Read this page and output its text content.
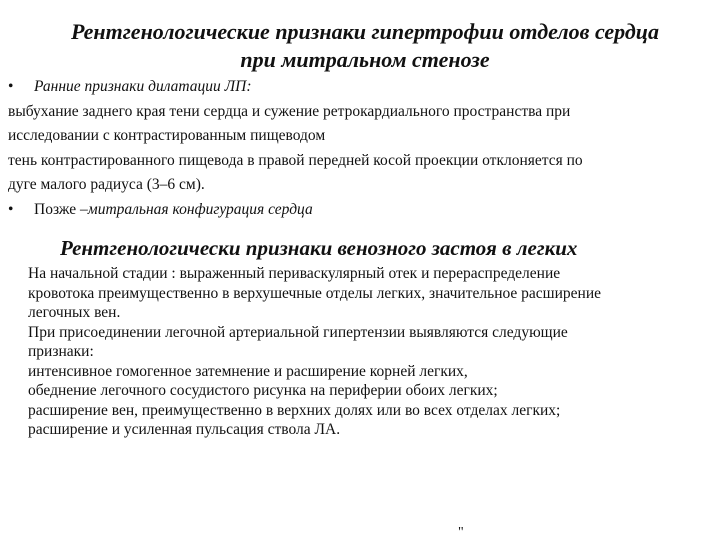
Рентгенологические признаки гипертрофии отделов сердца
при митральном стенозе
•	Ранние признаки дилатации ЛП:
выбухание заднего края тени сердца и сужение ретрокардиального пространства при
исследовании с контрастированным пищеводом
тень контрастированного пищевода в правой передней косой проекции отклоняется по
дуге малого радиуса (3–6 см).
•	Позже – митральная конфигурация сердца
Рентгенологически признаки венозного застоя в легких
На начальной стадии : выраженный периваскулярный отек и перераспределение
кровотока преимущественно в верхушечные отделы легких, значительное расширение
легочных вен.
При присоединении легочной артериальной гипертензии выявляются следующие
признаки:
интенсивное гомогенное затемнение и расширение корней легких,
обеднение легочного сосудистого рисунка на периферии обоих легких;
расширение вен, преимущественно в верхних долях или во всех отделах легких;
расширение и усиленная пульсация ствола ЛА.
"
